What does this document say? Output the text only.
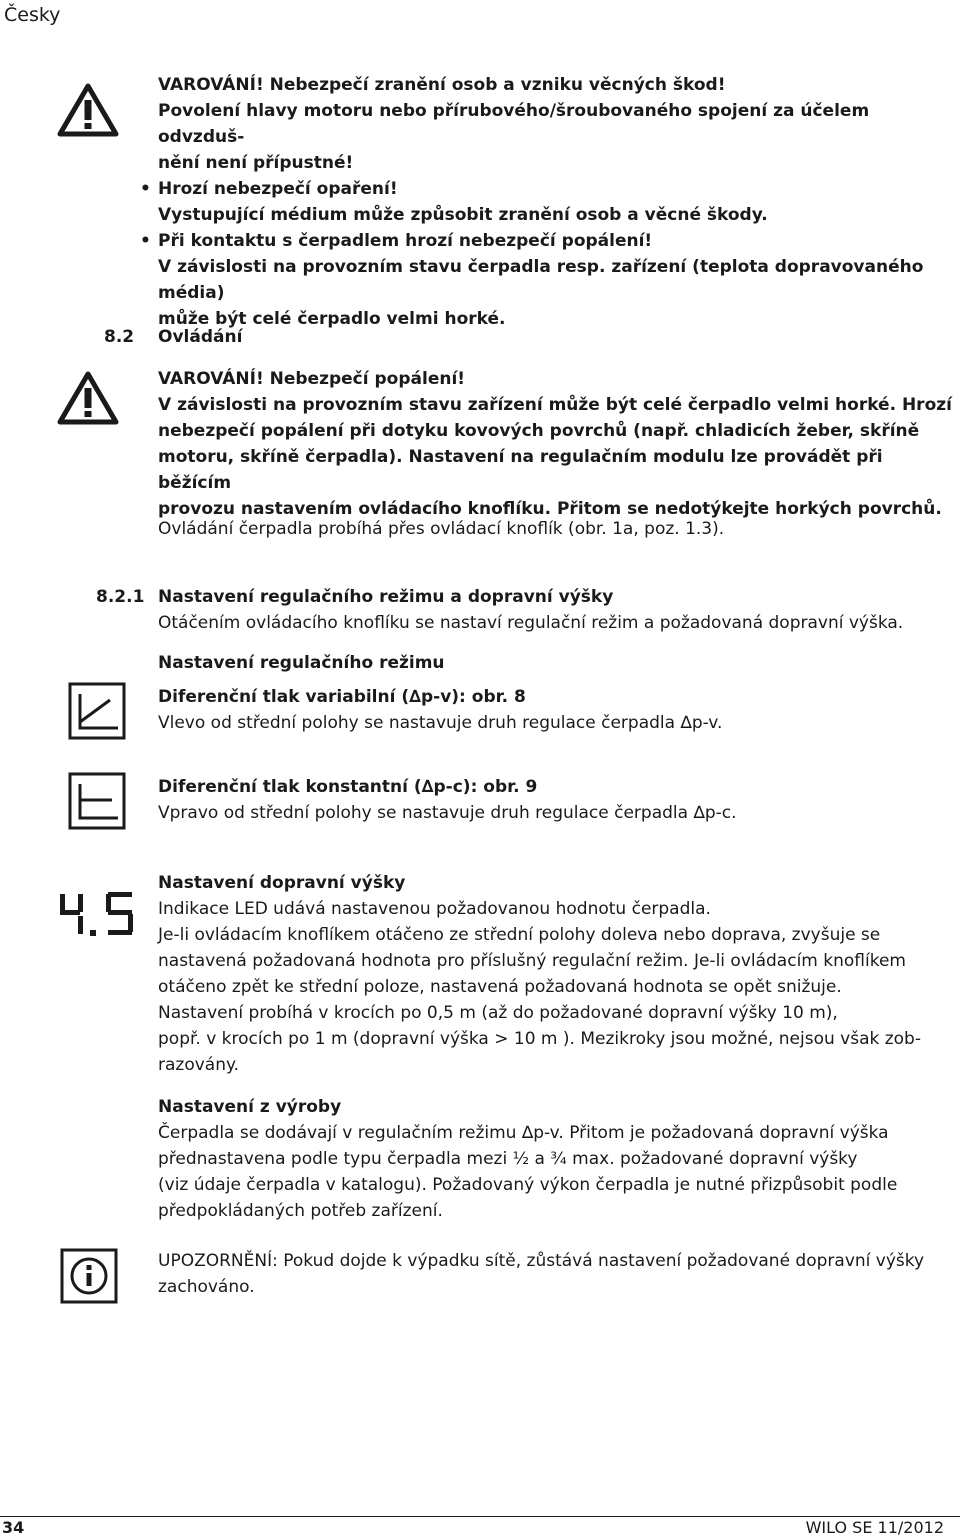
Česky

VAROVÁNÍ! Nebezpečí zranění osob a vzniku věcných škod!

Povolení hlavy motoru nebo přírubového/šroubovaného spojení za účelem odvzduš-

nění není přípustné!

• Hrozí nebezpečí opaření!

Vystupující médium může způsobit zranění osob a věcné škody.

• Při kontaktu s čerpadlem hrozí nebezpečí popálení!

V závislosti na provozním stavu čerpadla resp. zařízení (teplota dopravovaného média)

může být celé čerpadlo velmi horké.

8.2 Ovládání

VAROVÁNÍ! Nebezpečí popálení!

V závislosti na provozním stavu zařízení může být celé čerpadlo velmi horké. Hrozí

nebezpečí popálení při dotyku kovových povrchů (např. chladicích žeber, skříně

motoru, skříně čerpadla). Nastavení na regulačním modulu lze provádět při běžícím

provozu nastavením ovládacího knoflíku. Přitom se nedotýkejte horkých povrchů.

Ovládání čerpadla probíhá přes ovládací knoflík (obr. 1a, poz. 1.3).
8.2.1 Nastavení regulačního režimu a dopravní výšky

Otáčením ovládacího knoflíku se nastaví regulační režim a požadovaná dopravní výška.

Nastavení regulačního režimu

Diferenční tlak variabilní (∆p-v): obr. 8

Vlevo od střední polohy se nastavuje druh regulace čerpadla ∆p-v.

Diferenční tlak konstantní (∆p-c): obr. 9

Vpravo od střední polohy se nastavuje druh regulace čerpadla ∆p-c.

Nastavení dopravní výšky

Indikace LED udává nastavenou požadovanou hodnotu čerpadla.

Je-li ovládacím knoflíkem otáčeno ze střední polohy doleva nebo doprava, zvyšuje se

nastavená požadovaná hodnota pro příslušný regulační režim. Je-li ovládacím knoflíkem

otáčeno zpět ke střední poloze, nastavená požadovaná hodnota se opět snižuje.

Nastavení probíhá v krocích po 0,5 m (až do požadované dopravní výšky 10 m),

popř. v krocích po 1 m (dopravní výška > 10 m ). Mezikroky jsou možné, nejsou však zob-

razovány.

Nastavení z výroby

Čerpadla se dodávají v regulačním režimu ∆p-v. Přitom je požadovaná dopravní výška

přednastavena podle typu čerpadla mezi ½ a ¾ max. požadované dopravní výšky

(viz údaje čerpadla v katalogu). Požadovaný výkon čerpadla je nutné přizpůsobit podle

předpokládaných potřeb zařízení.

UPOZORNĚNÍ: Pokud dojde k výpadku sítě, zůstává nastavení požadované dopravní výšky

zachováno.

34	WILO SE 11/2012
